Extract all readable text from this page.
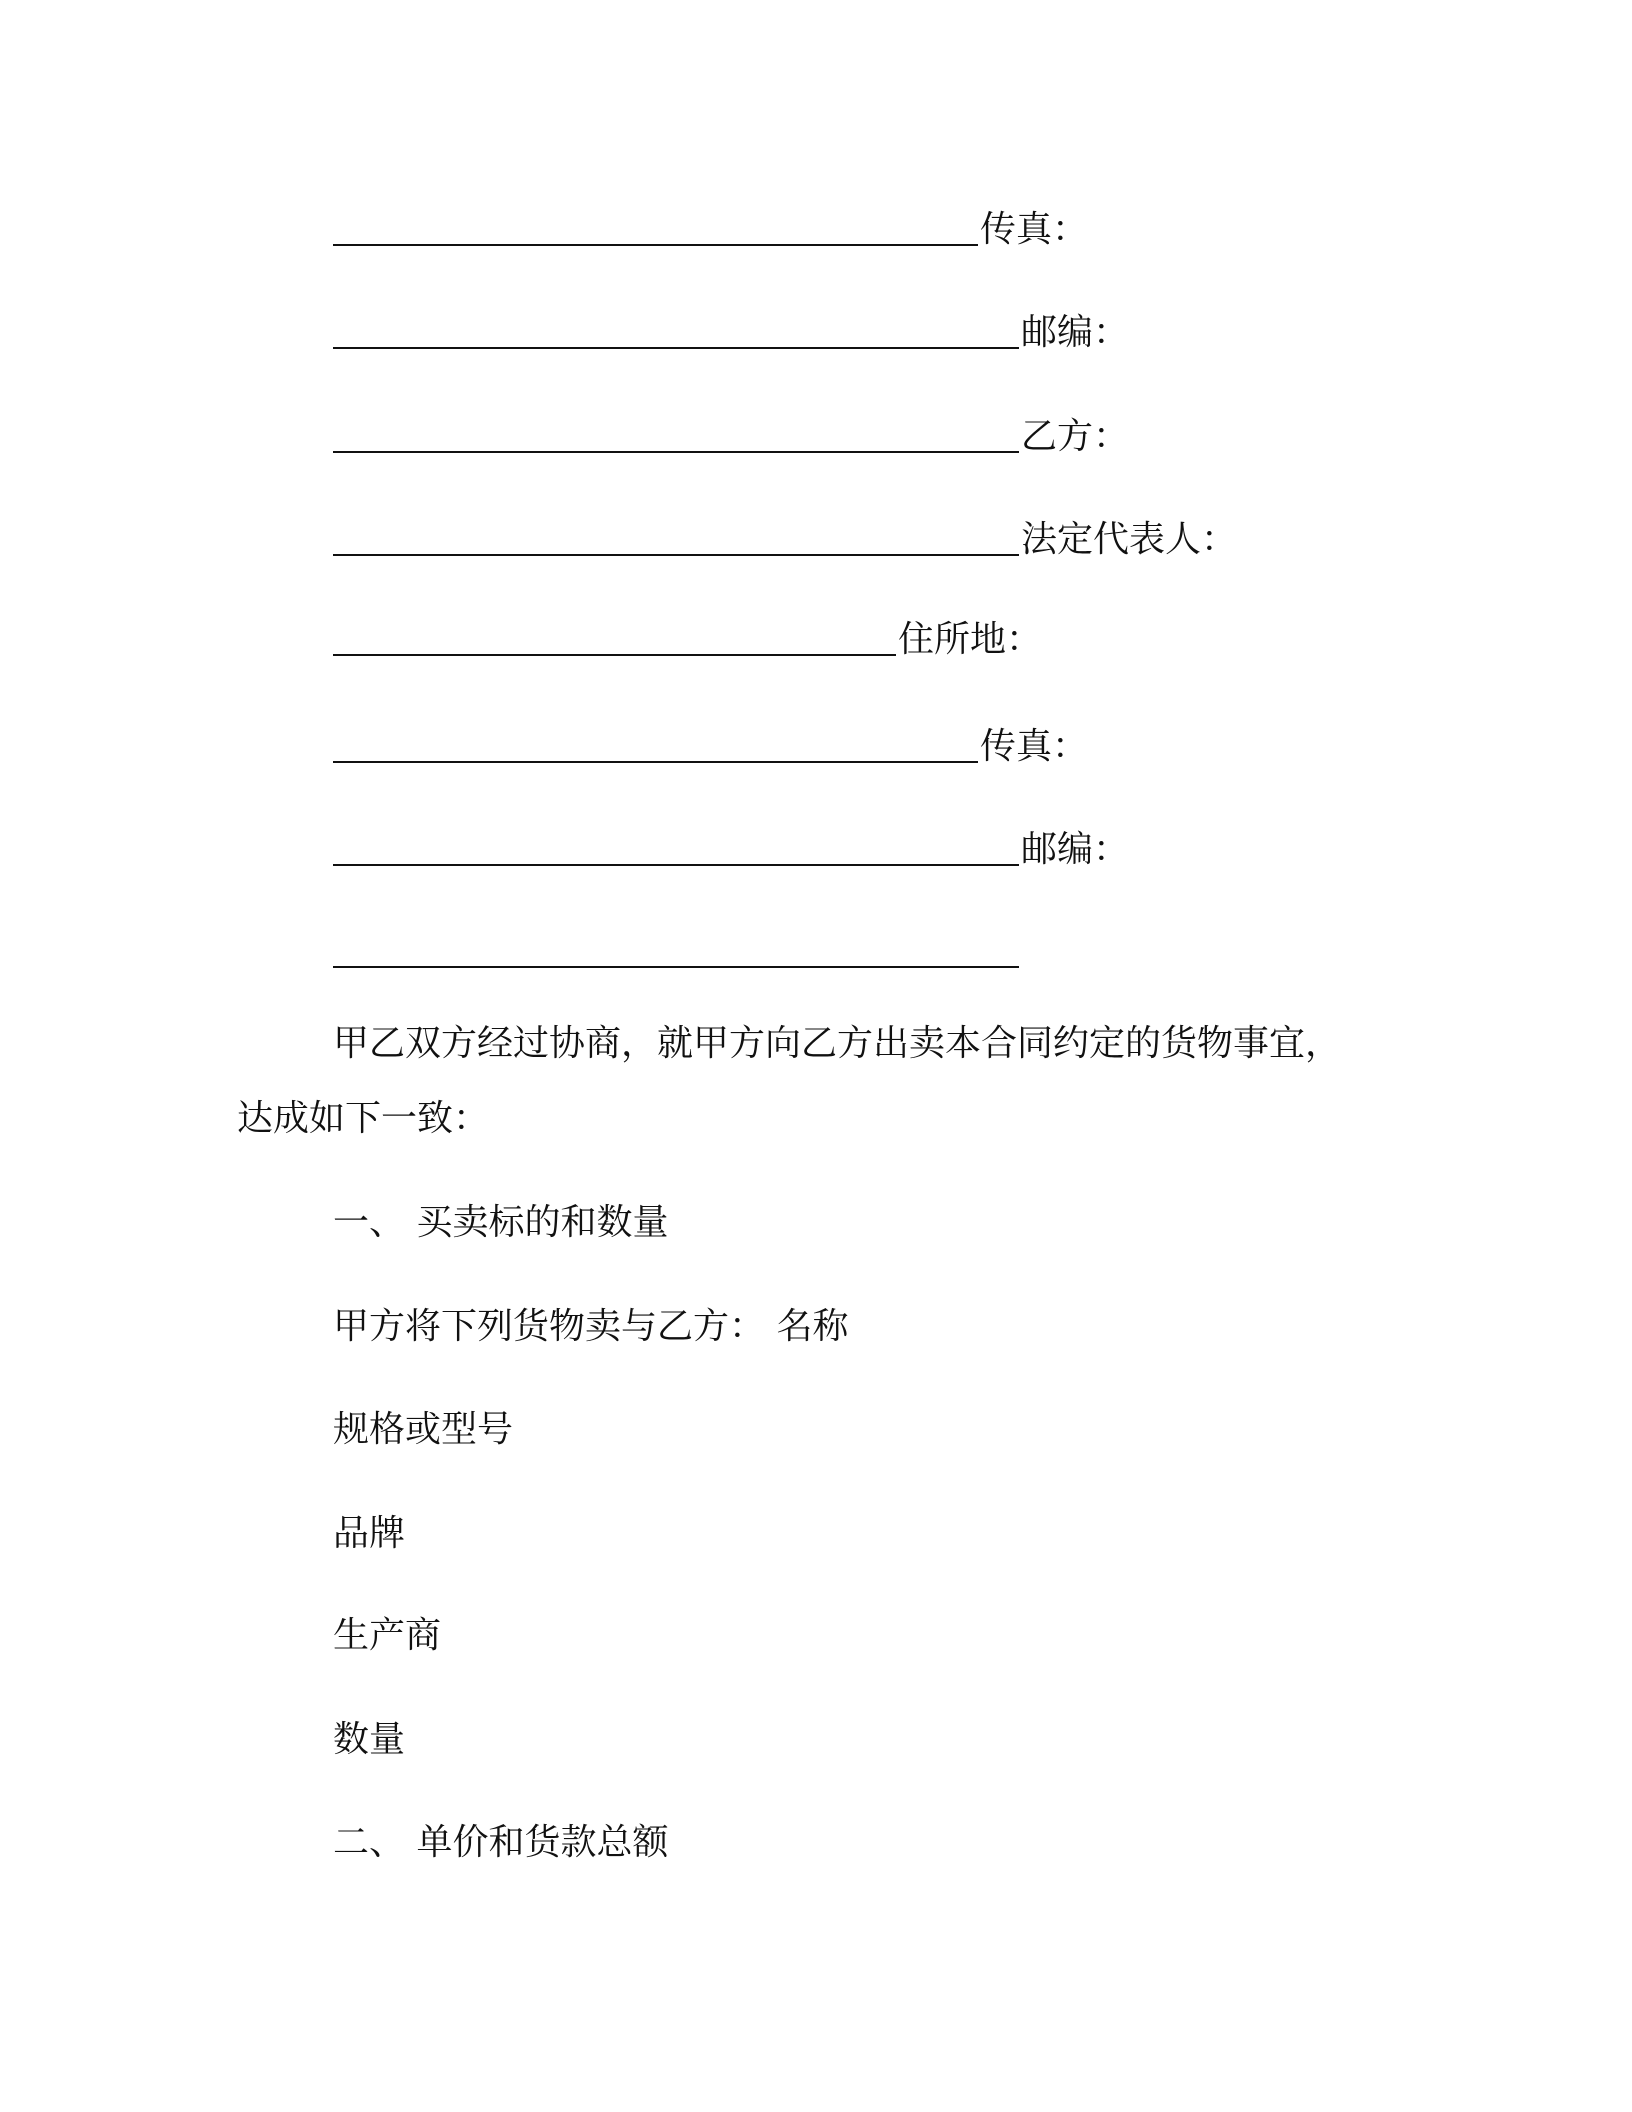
传真：
邮编：
乙方：
法定代表人：
住所地：
传真：
邮编：
甲乙双方经过协商，就甲方向乙方出卖本合同约定的货物事宜，
达成如下一致：
一、 买卖标的和数量
甲方将下列货物卖与乙方： 名称
规格或型号
品牌
生产商
数量
二、 单价和货款总额
